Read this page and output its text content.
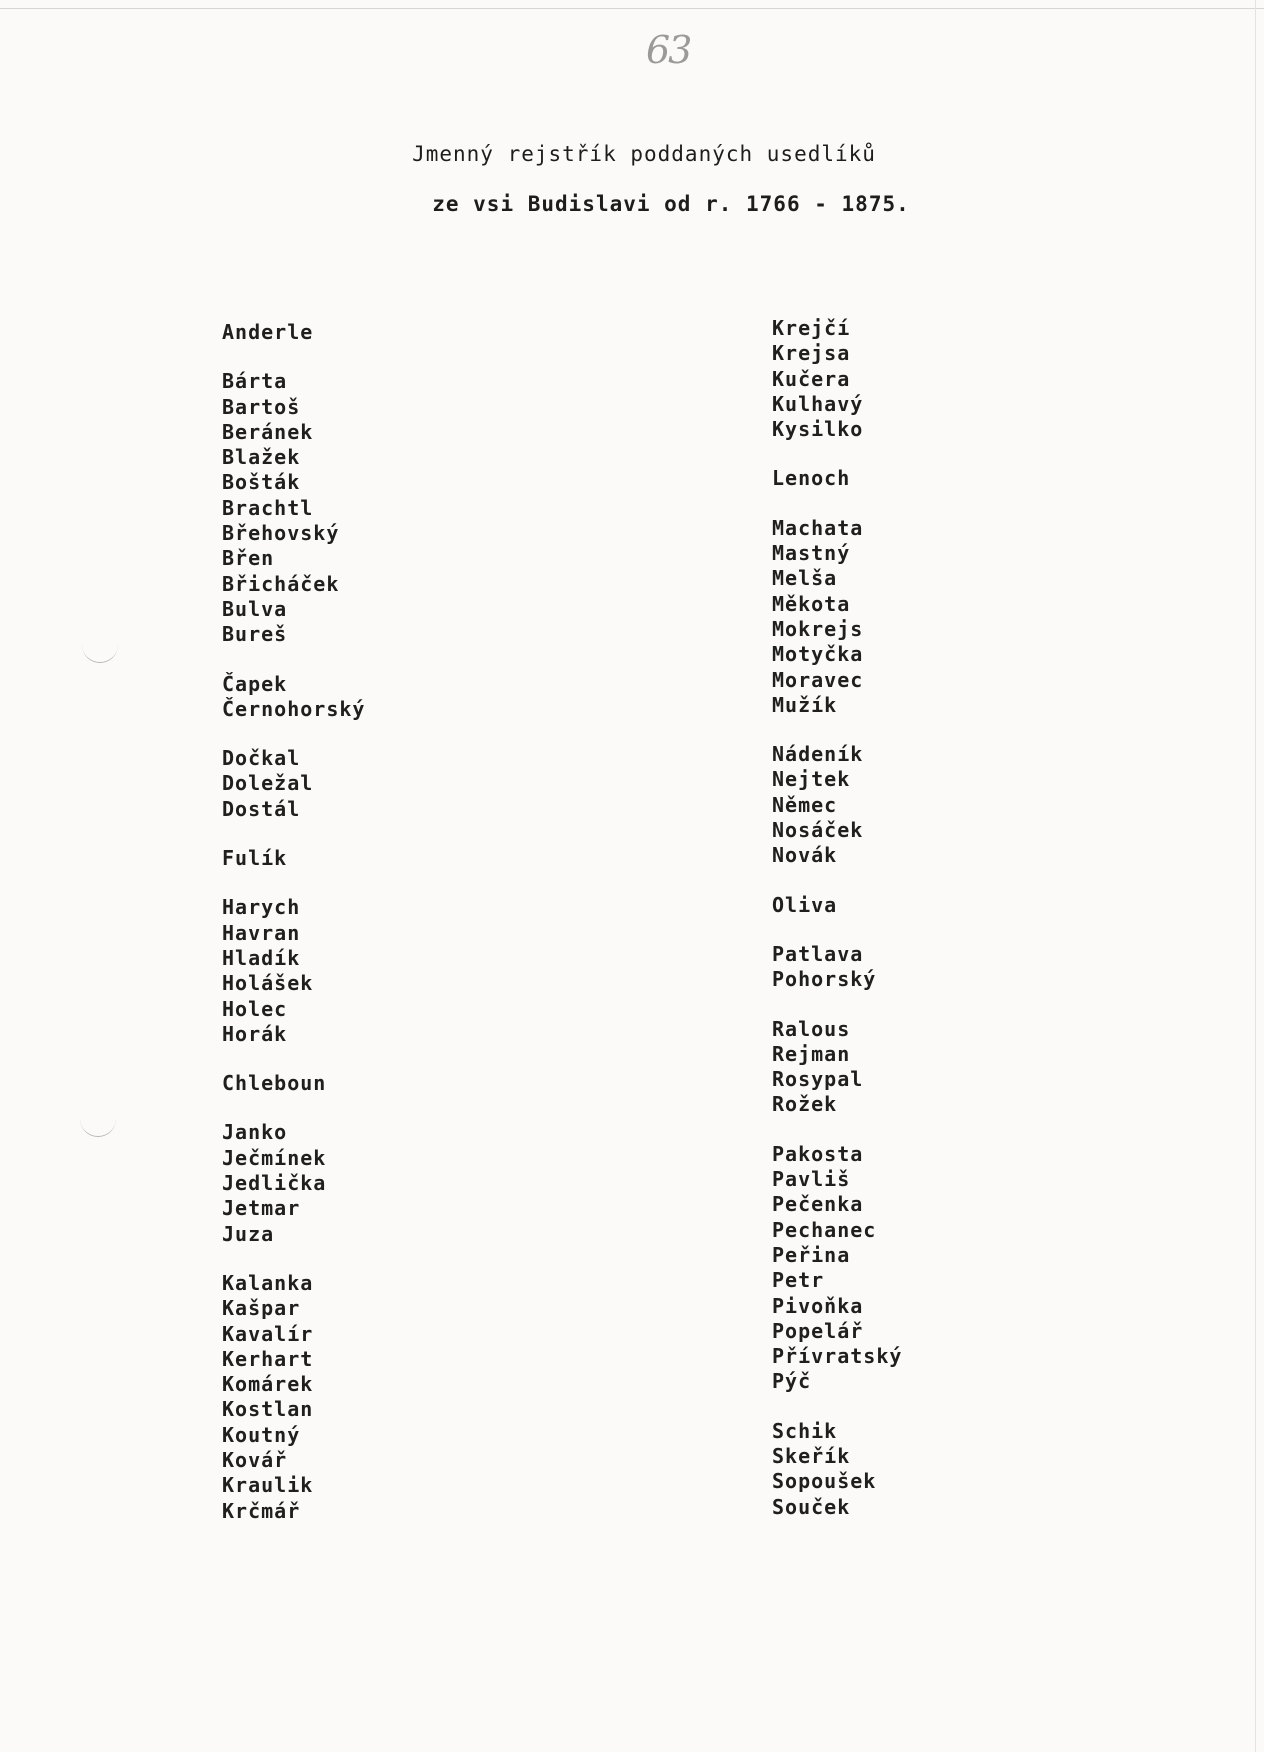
63
Jmenný rejstřík poddaných usedlíků
ze vsi Budislavi od r. 1766 - 1875.
Anderle
Bárta
Bartoš
Beránek
Blažek
Bošták
Brachtl
Břehovský
Břen
Břicháček
Bulva
Bureš
Čapek
Černohorský
Dočkal
Doležal
Dostál
Fulík
Harych
Havran
Hladík
Holášek
Holec
Horák
Chleboun
Janko
Ječmínek
Jedlička
Jetmar
Juza
Kalanka
Kašpar
Kavalír
Kerhart
Komárek
Kostlan
Koutný
Kovář
Kraulik
Krčmář
Krejčí
Krejsa
Kučera
Kulhavý
Kysilko
Lenoch
Machata
Mastný
Melša
Měkota
Mokrejs
Motyčka
Moravec
Mužík
Nádeník
Nejtek
Němec
Nosáček
Novák
Oliva
Patlava
Pohorský
Ralous
Rejman
Rosypal
Rožek
Pakosta
Pavliš
Pečenka
Pechanec
Peřina
Petr
Pivoňka
Popelář
Přívratský
Pýč
Schik
Skeřík
Sopoušek
Souček
